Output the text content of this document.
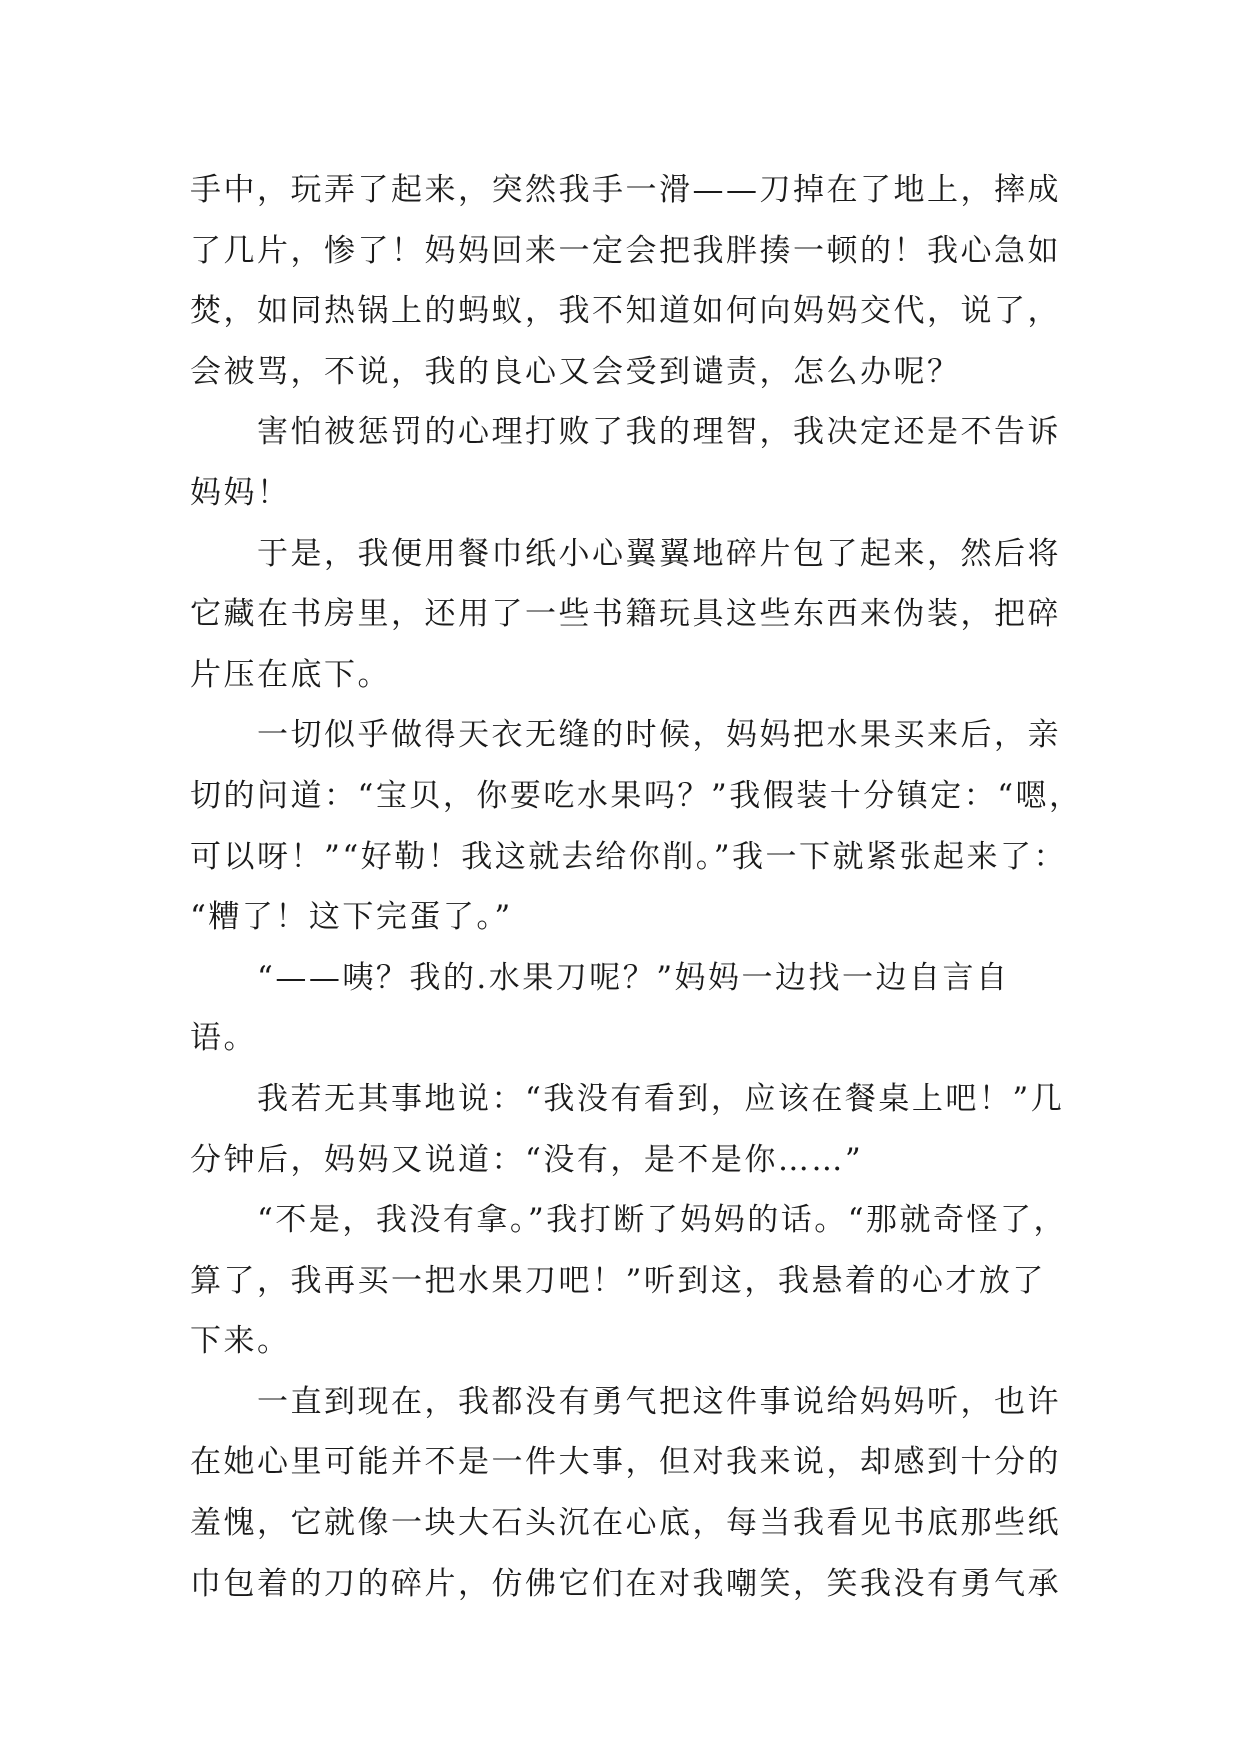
手中，玩弄了起来，突然我手一滑——刀掉在了地上，摔成
了几片，惨了！妈妈回来一定会把我胖揍一顿的！我心急如
焚，如同热锅上的蚂蚁，我不知道如何向妈妈交代，说了，
会被骂，不说，我的良心又会受到谴责，怎么办呢？
　　害怕被惩罚的心理打败了我的理智，我决定还是不告诉
妈妈！
　　于是，我便用餐巾纸小心翼翼地碎片包了起来，然后将
它藏在书房里，还用了一些书籍玩具这些东西来伪装，把碎
片压在底下。
　　一切似乎做得天衣无缝的时候，妈妈把水果买来后，亲
切的问道：“宝贝，你要吃水果吗？”我假装十分镇定：“嗯，
可以呀！”“好勒！我这就去给你削。”我一下就紧张起来了：
“糟了！这下完蛋了。”
　　“——咦？我的.水果刀呢？”妈妈一边找一边自言自
语。
　　我若无其事地说：“我没有看到，应该在餐桌上吧！”几
分钟后，妈妈又说道：“没有，是不是你……”
　　“不是，我没有拿。”我打断了妈妈的话。“那就奇怪了，
算了，我再买一把水果刀吧！”听到这，我悬着的心才放了
下来。
　　一直到现在，我都没有勇气把这件事说给妈妈听，也许
在她心里可能并不是一件大事，但对我来说，却感到十分的
羞愧，它就像一块大石头沉在心底，每当我看见书底那些纸
巾包着的刀的碎片，仿佛它们在对我嘲笑，笑我没有勇气承
